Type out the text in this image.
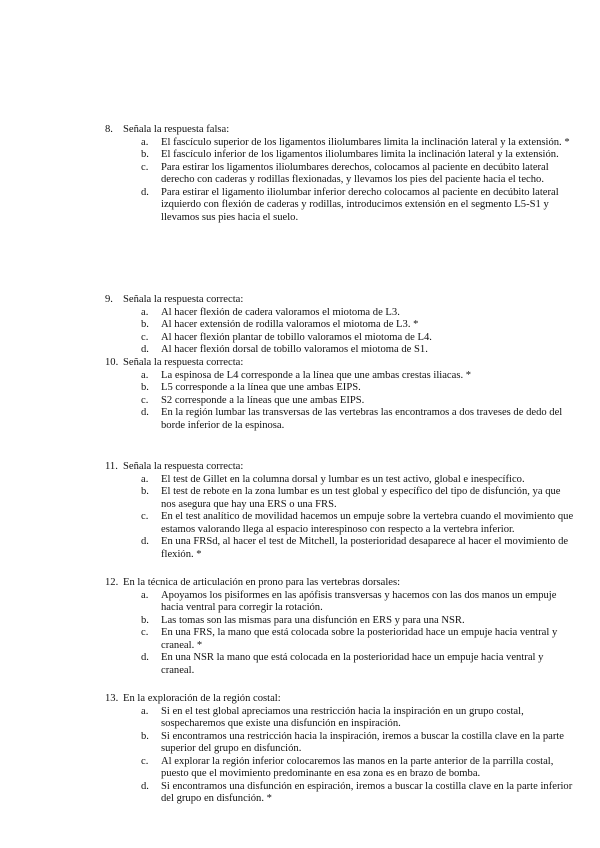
8. Señala la respuesta falsa:
a.	El fascículo superior de los ligamentos iliolumbares limita la inclinación lateral y la extensión. *
b.	El fascículo inferior de los ligamentos iliolumbares limita la inclinación lateral y la extensión.
c.	Para estirar los ligamentos iliolumbares derechos, colocamos al paciente en decúbito lateral derecho con caderas y rodillas flexionadas, y llevamos los pies del paciente hacia el techo.
d.	Para estirar el ligamento iliolumbar inferior derecho colocamos al paciente en decúbito lateral izquierdo con flexión de caderas y rodillas, introducimos extensión en el segmento L5-S1 y llevamos sus pies hacia el suelo.
9. Señala la respuesta correcta:
a.	Al hacer flexión de cadera valoramos el miotoma de L3.
b.	Al hacer extensión de rodilla valoramos el miotoma de L3. *
c.	Al hacer flexión plantar de tobillo valoramos el miotoma de L4.
d.	Al hacer flexión dorsal de tobillo valoramos el miotoma de S1.
10. Señala la respuesta correcta:
a.	La espinosa de L4 corresponde a la línea que une ambas crestas iliacas. *
b.	L5 corresponde a la línea que une ambas EIPS.
c.	S2 corresponde a la líneas que une ambas EIPS.
d.	En la región lumbar las transversas de las vertebras las encontramos a dos traveses de dedo del borde inferior de la espinosa.
11. Señala la respuesta correcta:
a.	El test de Gillet en la columna dorsal y lumbar es un test activo, global e inespecífico.
b.	El test de rebote en la zona lumbar es un test global y específico del tipo de disfunción, ya que nos asegura que hay una ERS o una FRS.
c.	En el test analítico de movilidad hacemos un empuje sobre la vertebra cuando el movimiento que estamos valorando llega al espacio interespinoso con respecto a la vertebra inferior.
d.	En una FRSd, al hacer el test de Mitchell, la posterioridad desaparece al hacer el movimiento de flexión. *
12. En la técnica de articulación en prono para las vertebras dorsales:
a.	Apoyamos los pisiformes en las apófisis transversas y hacemos con las dos manos un empuje hacia ventral para corregir la rotación.
b.	Las tomas son las mismas para una disfunción en ERS y para una NSR.
c.	En una FRS, la mano que está colocada sobre la posterioridad hace un empuje hacia ventral y craneal. *
d.	En una NSR la mano que está colocada en la posterioridad hace un empuje hacia ventral y craneal.
13. En la exploración de la región costal:
a.	Si en el test global apreciamos una restricción hacia la inspiración en un grupo costal, sospecharemos que existe una disfunción en inspiración.
b.	Si encontramos una restricción hacia la inspiración, iremos a buscar la costilla clave en la parte superior del grupo en disfunción.
c.	Al explorar la región inferior colocaremos las manos en la parte anterior de la parrilla costal, puesto que el movimiento predominante en esa zona es en brazo de bomba.
d.	Si encontramos una disfunción en espiración, iremos a buscar la costilla clave en la parte inferior del grupo en disfunción. *
